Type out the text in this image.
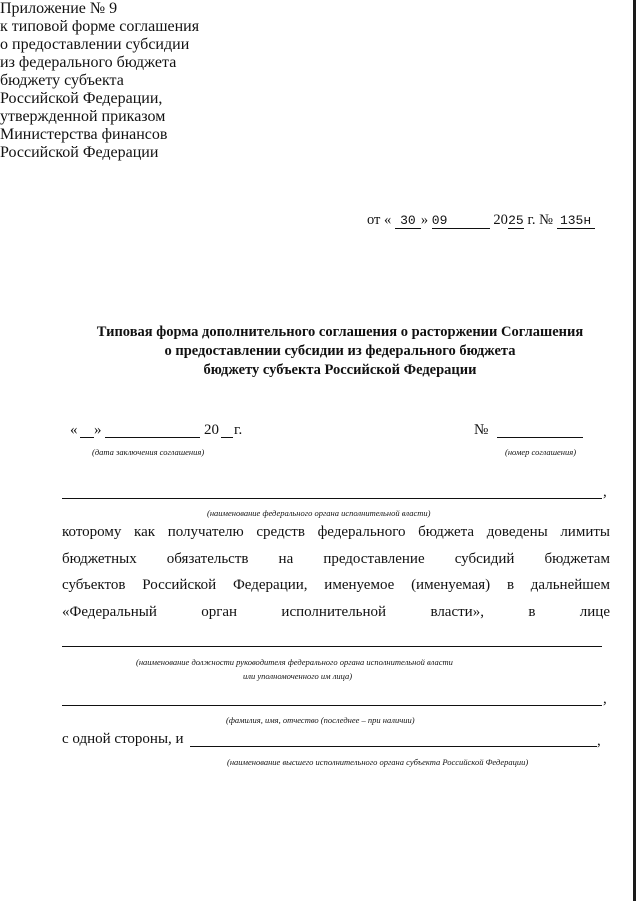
Приложение № 9
к типовой форме соглашения
о предоставлении субсидии
из федерального бюджета
бюджету субъекта
Российской Федерации,
утвержденной приказом
Министерства финансов
Российской Федерации
от « 30 » 09	2025 г. № 135н
Типовая форма дополнительного соглашения о расторжении Соглашения
о предоставлении субсидии из федерального бюджета
бюджету субъекта Российской Федерации
« »	20 г.	№
(дата заключения соглашения)	(номер соглашения)
,
(наименование федерального органа исполнительной власти)
которому как получателю средств федерального бюджета доведены лимиты
бюджетных обязательств на предоставление субсидий бюджетам
субъектов Российской Федерации, именуемое (именуемая) в дальнейшем
«Федеральный	орган	исполнительной	власти»,	в	лице
(наименование должности руководителя федерального органа исполнительной власти
или уполномоченного им лица)
,
(фамилия, имя, отчество (последнее – при наличии)
с одной стороны, и	,
(наименование высшего исполнительного органа субъекта Российской Федерации)
